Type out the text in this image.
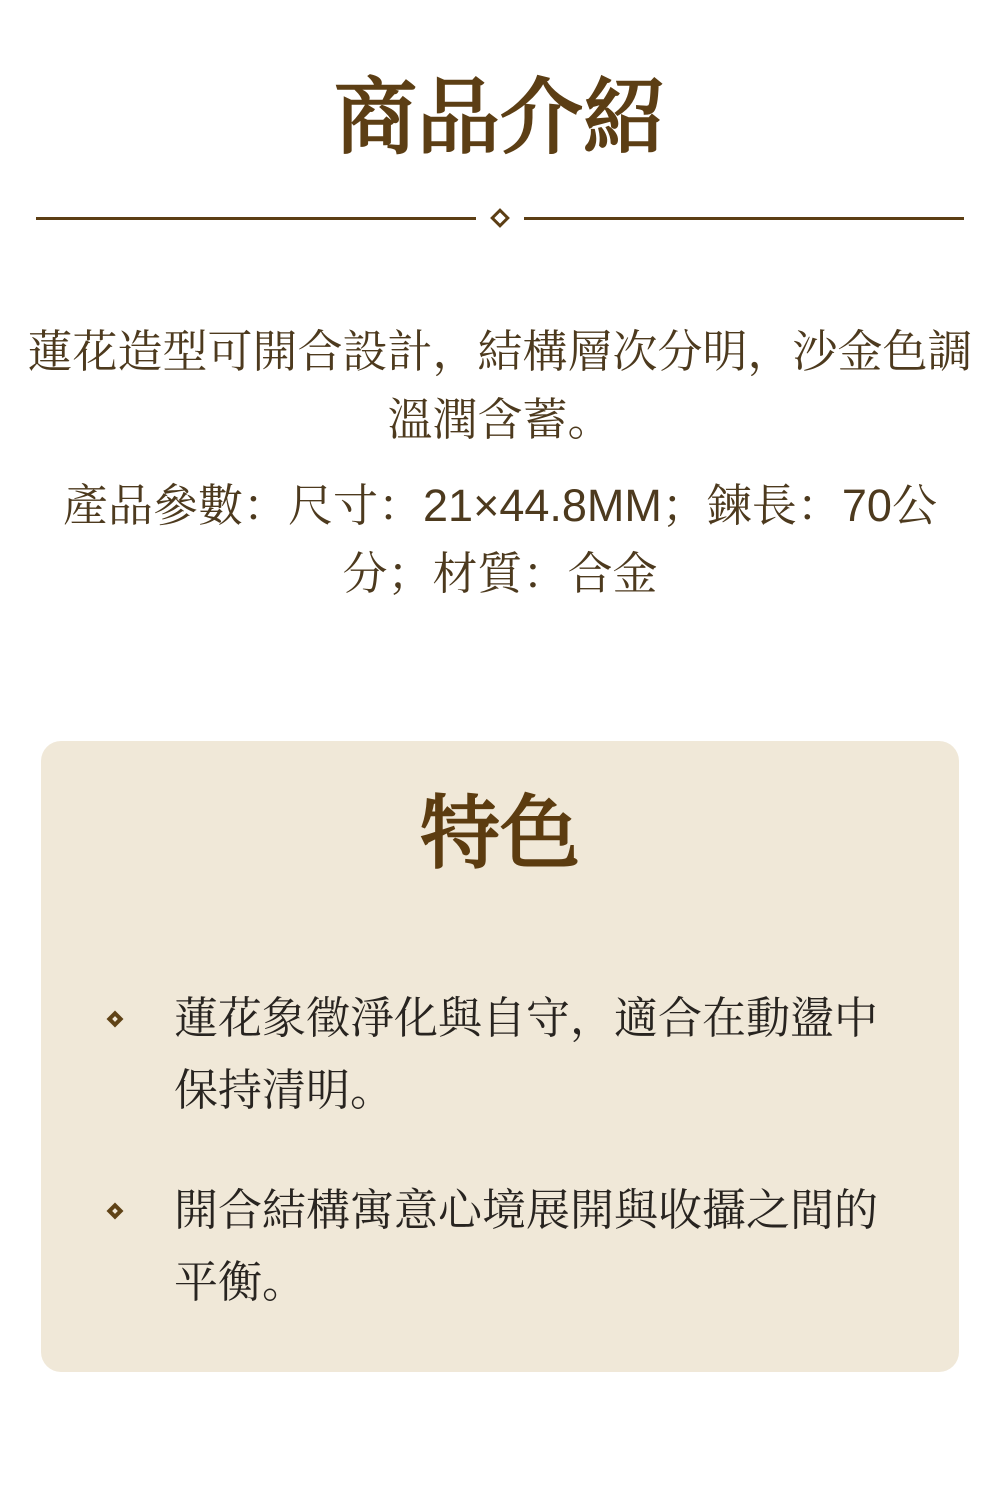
商品介紹
蓮花造型可開合設計，結構層次分明，沙金色調
溫潤含蓄。
產品參數：尺寸：21×44.8MM；鍊長：70公
分；材質：合金
特色
蓮花象徵淨化與自守，適合在動盪中保持清明。
開合結構寓意心境展開與收攝之間的平衡。
